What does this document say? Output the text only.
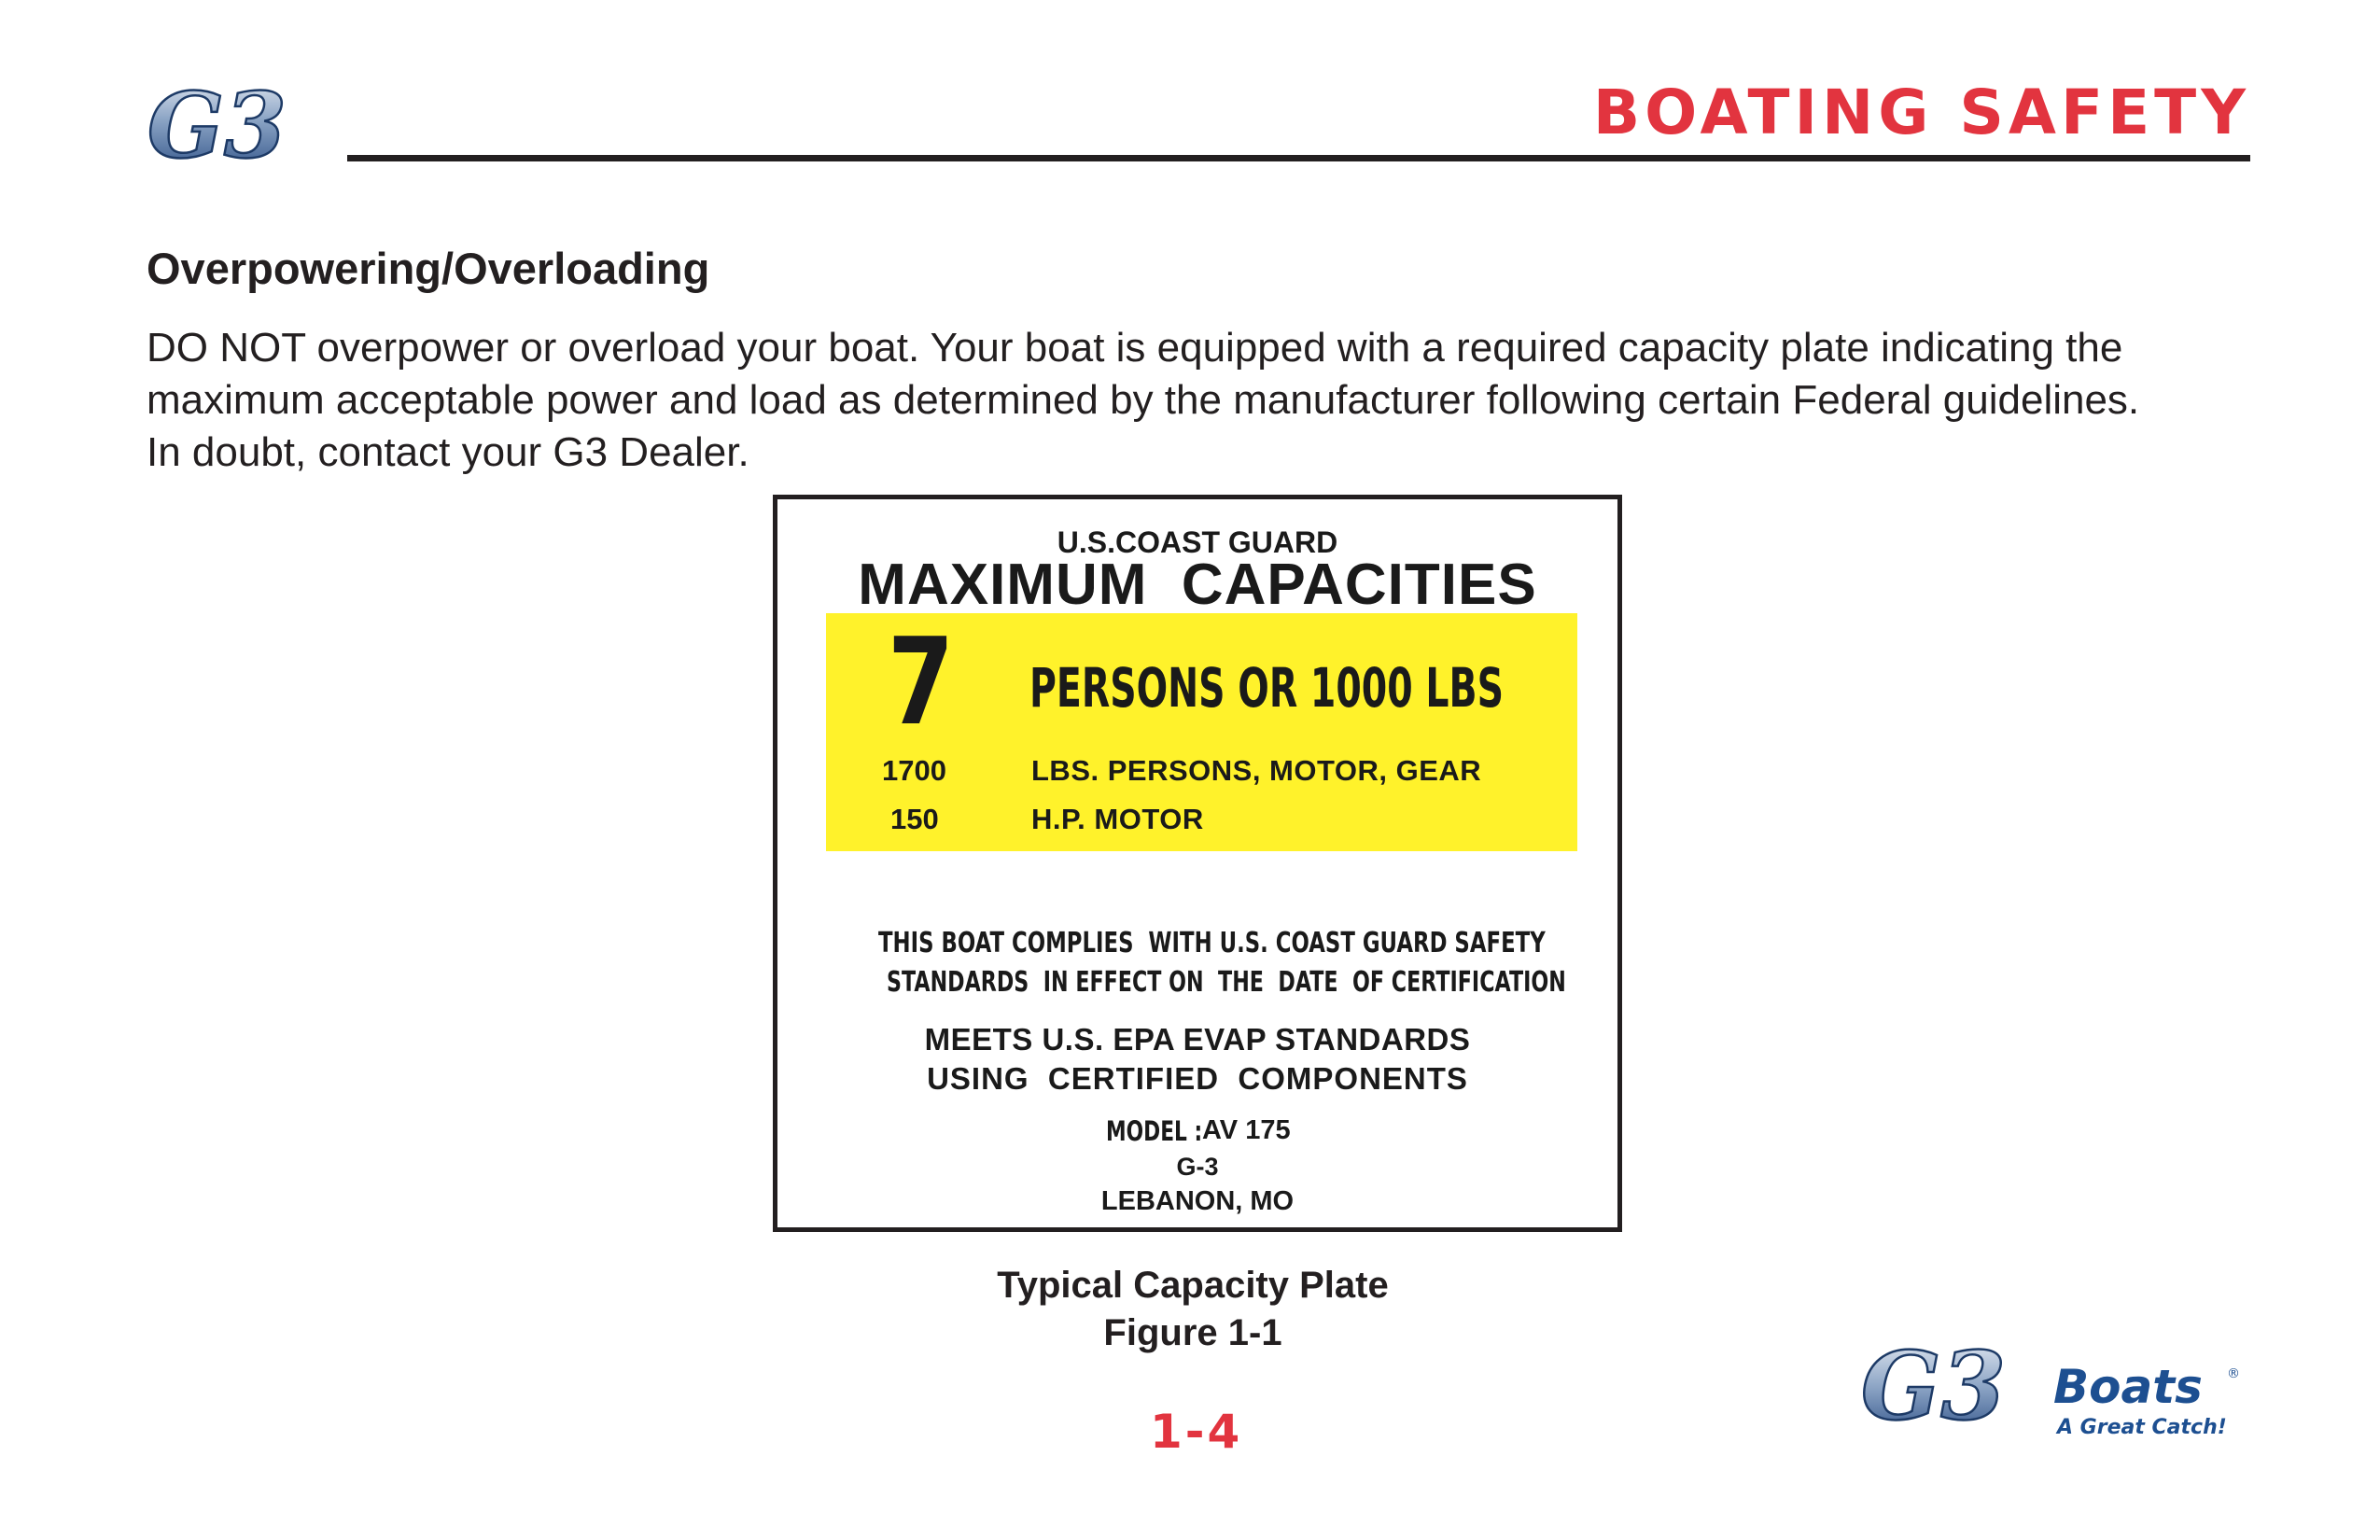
G3	BOATING SAFETY
Overpowering/Overloading
DO NOT overpower or overload your boat. Your boat is equipped with a required capacity plate indicating the
maximum acceptable power and load as determined by the manufacturer following certain Federal guidelines.
In doubt, contact your G3 Dealer.
U.S.COAST GUARD
MAXIMUM  CAPACITIES
7 PERSONS OR 1000 LBS
1700	LBS. PERSONS, MOTOR, GEAR
150	H.P. MOTOR
THIS BOAT COMPLIES  WITH U.S. COAST GUARD SAFETY
STANDARDS  IN EFFECT ON  THE  DATE  OF CERTIFICATION
MEETS U.S. EPA EVAP STANDARDS
USING  CERTIFIED  COMPONENTS
MODEL : AV 175
G-3
LEBANON, MO
Typical Capacity Plate
Figure 1-1
1-4	G3 Boats ®
A Great Catch!
